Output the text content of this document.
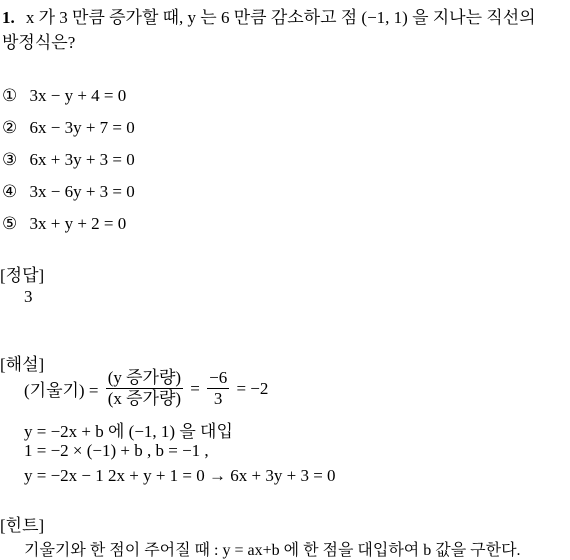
1. x 가 3 만큼 증가할 때, y 는 6 만큼 감소하고 점 (−1, 1) 을 지나는 직선의
방정식은?
① 3x − y + 4 = 0
② 6x − 3y + 7 = 0
③ 6x + 3y + 3 = 0
④ 3x − 6y + 3 = 0
⑤ 3x + y + 2 = 0
[정답]
3
[해설]
(기울기) = $\frac{\text{(y 증가량)}}{\text{(x 증가량)}} = \frac{-6}{3} = -2$
y = −2x + b 에 (−1, 1) 을 대입
1 = −2 × (−1) + b , b = −1 ,
y = −2x − 1 2x + y + 1 = 0 → 6x + 3y + 3 = 0
[힌트]
기울기와 한 점이 주어질 때 : y = ax+b 에 한 점을 대입하여 b 값을 구한다.
